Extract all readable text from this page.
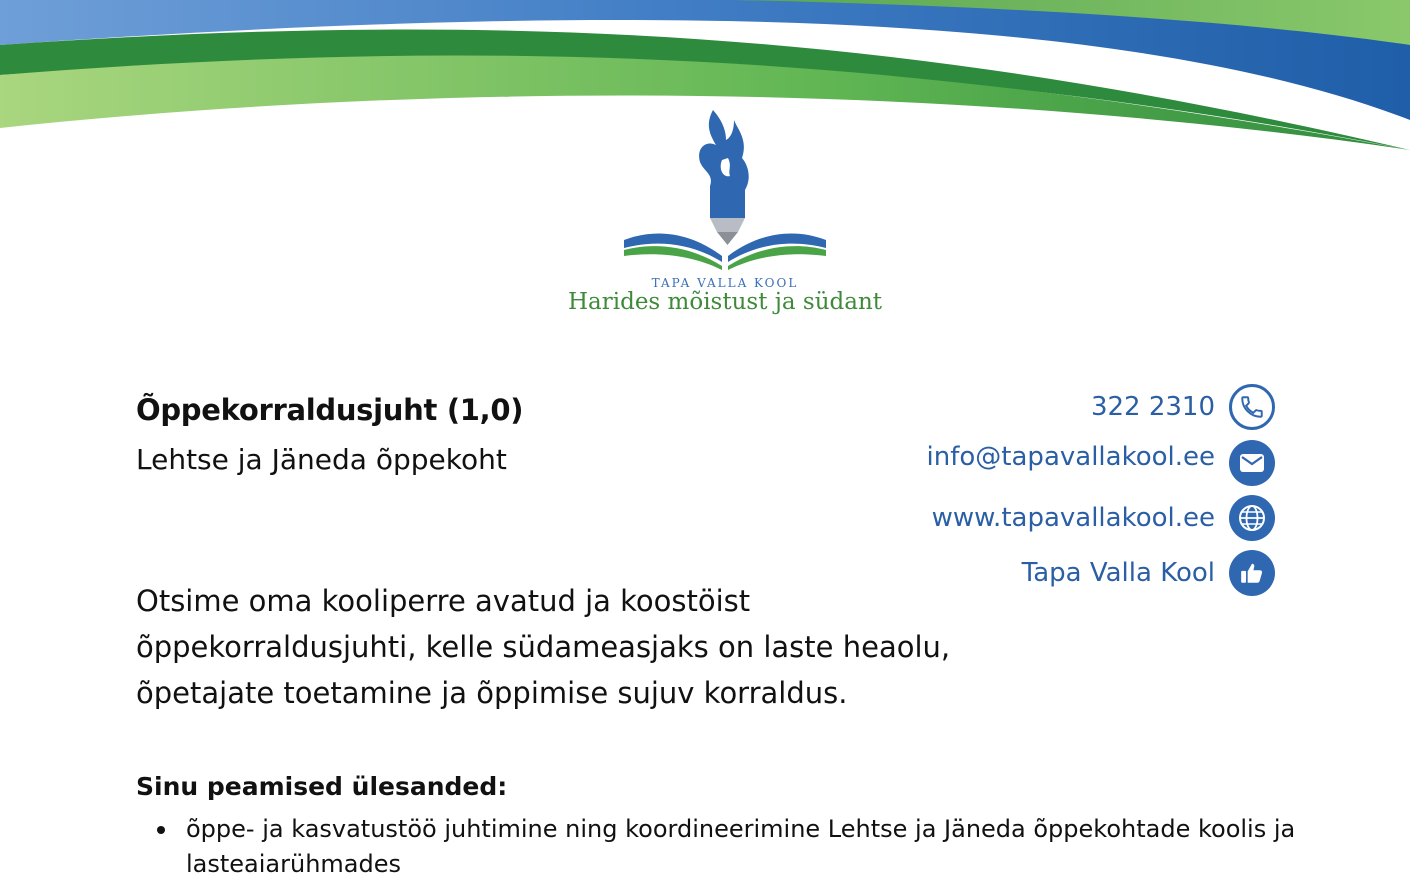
TAPA VALLA KOOL
Harides mõistust ja südant
Õppekorraldusjuht (1,0)
Lehtse ja Jäneda õppekoht
322 2310
info@tapavallakool.ee
www.tapavallakool.ee
Tapa Valla Kool

Otsime oma kooliperre avatud ja koostöist
õppekorraldusjuhti, kelle südameasjaks on laste heaolu,
õpetajate toetamine ja õppimise sujuv korraldus.

Sinu peamised ülesanded:
õppe- ja kasvatustöö juhtimine ning koordineerimine Lehtse ja Jäneda õppekohtade koolis ja lasteaiarühmades
